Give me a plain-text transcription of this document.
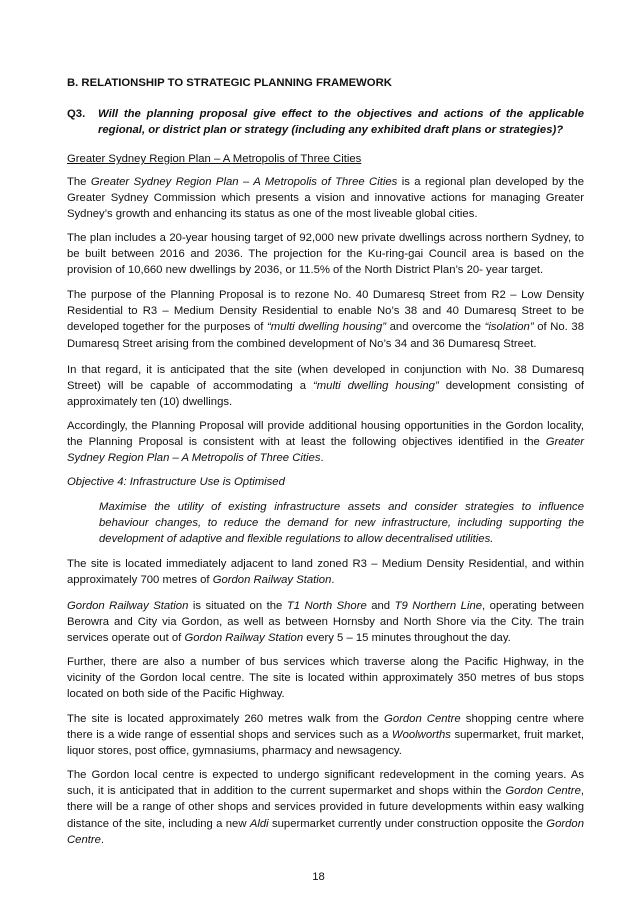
B. RELATIONSHIP TO STRATEGIC PLANNING FRAMEWORK
Q3.	Will the planning proposal give effect to the objectives and actions of the applicable regional, or district plan or strategy (including any exhibited draft plans or strategies)?
Greater Sydney Region Plan – A Metropolis of Three Cities

The Greater Sydney Region Plan – A Metropolis of Three Cities is a regional plan developed by the Greater Sydney Commission which presents a vision and innovative actions for managing Greater Sydney’s growth and enhancing its status as one of the most liveable global cities.

The plan includes a 20-year housing target of 92,000 new private dwellings across northern Sydney, to be built between 2016 and 2036. The projection for the Ku-ring-gai Council area is based on the provision of 10,660 new dwellings by 2036, or 11.5% of the North District Plan’s 20- year target.

The purpose of the Planning Proposal is to rezone No. 40 Dumaresq Street from R2 – Low Density Residential to R3 – Medium Density Residential to enable No’s 38 and 40 Dumaresq Street to be developed together for the purposes of “multi dwelling housing” and overcome the “isolation” of No. 38 Dumaresq Street arising from the combined development of No’s 34 and 36 Dumaresq Street.

In that regard, it is anticipated that the site (when developed in conjunction with No. 38 Dumaresq Street) will be capable of accommodating a “multi dwelling housing” development consisting of approximately ten (10) dwellings.

Accordingly, the Planning Proposal will provide additional housing opportunities in the Gordon locality, the Planning Proposal is consistent with at least the following objectives identified in the Greater Sydney Region Plan – A Metropolis of Three Cities.

Objective 4: Infrastructure Use is Optimised

Maximise the utility of existing infrastructure assets and consider strategies to influence behaviour changes, to reduce the demand for new infrastructure, including supporting the development of adaptive and flexible regulations to allow decentralised utilities.

The site is located immediately adjacent to land zoned R3 – Medium Density Residential, and within approximately 700 metres of Gordon Railway Station.

Gordon Railway Station is situated on the T1 North Shore and T9 Northern Line, operating between Berowra and City via Gordon, as well as between Hornsby and North Shore via the City. The train services operate out of Gordon Railway Station every 5 – 15 minutes throughout the day.

Further, there are also a number of bus services which traverse along the Pacific Highway, in the vicinity of the Gordon local centre. The site is located within approximately 350 metres of bus stops located on both side of the Pacific Highway.

The site is located approximately 260 metres walk from the Gordon Centre shopping centre where there is a wide range of essential shops and services such as a Woolworths supermarket, fruit market, liquor stores, post office, gymnasiums, pharmacy and newsagency.

The Gordon local centre is expected to undergo significant redevelopment in the coming years. As such, it is anticipated that in addition to the current supermarket and shops within the Gordon Centre, there will be a range of other shops and services provided in future developments within easy walking distance of the site, including a new Aldi supermarket currently under construction opposite the Gordon Centre.

18
